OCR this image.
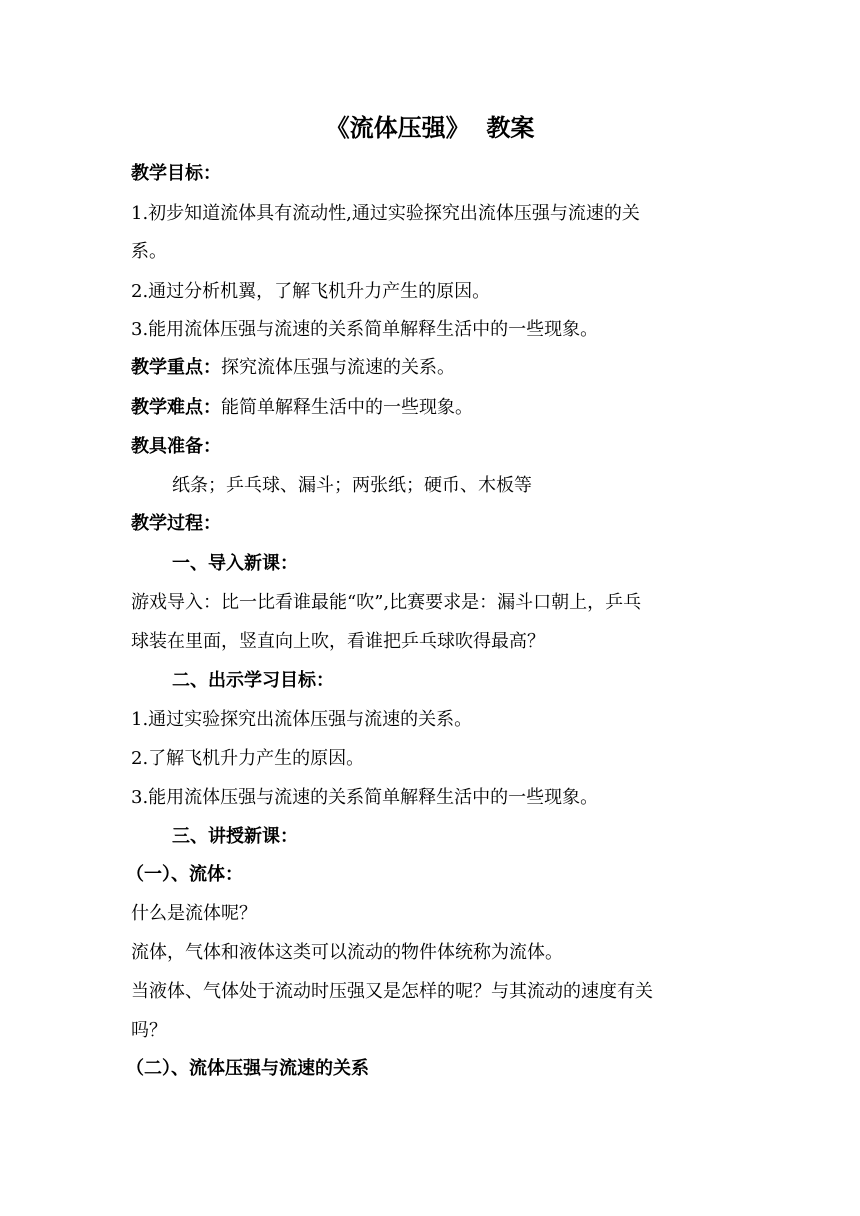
《流体压强》  教案
教学目标：
1.初步知道流体具有流动性,通过实验探究出流体压强与流速的关
系。
2.通过分析机翼，了解飞机升力产生的原因。
3.能用流体压强与流速的关系简单解释生活中的一些现象。
教学重点：探究流体压强与流速的关系。
教学难点：能简单解释生活中的一些现象。
教具准备：
纸条；乒乓球、漏斗；两张纸；硬币、木板等
教学过程：
一、导入新课：
游戏导入：比一比看谁最能“吹”,比赛要求是：漏斗口朝上，乒乓
球装在里面，竖直向上吹，看谁把乒乓球吹得最高？
二、出示学习目标：
1.通过实验探究出流体压强与流速的关系。
2.了解飞机升力产生的原因。
3.能用流体压强与流速的关系简单解释生活中的一些现象。
三、讲授新课：
（一）、流体：
什么是流体呢？
流体，气体和液体这类可以流动的物件体统称为流体。
当液体、气体处于流动时压强又是怎样的呢？与其流动的速度有关
吗？
（二）、流体压强与流速的关系
